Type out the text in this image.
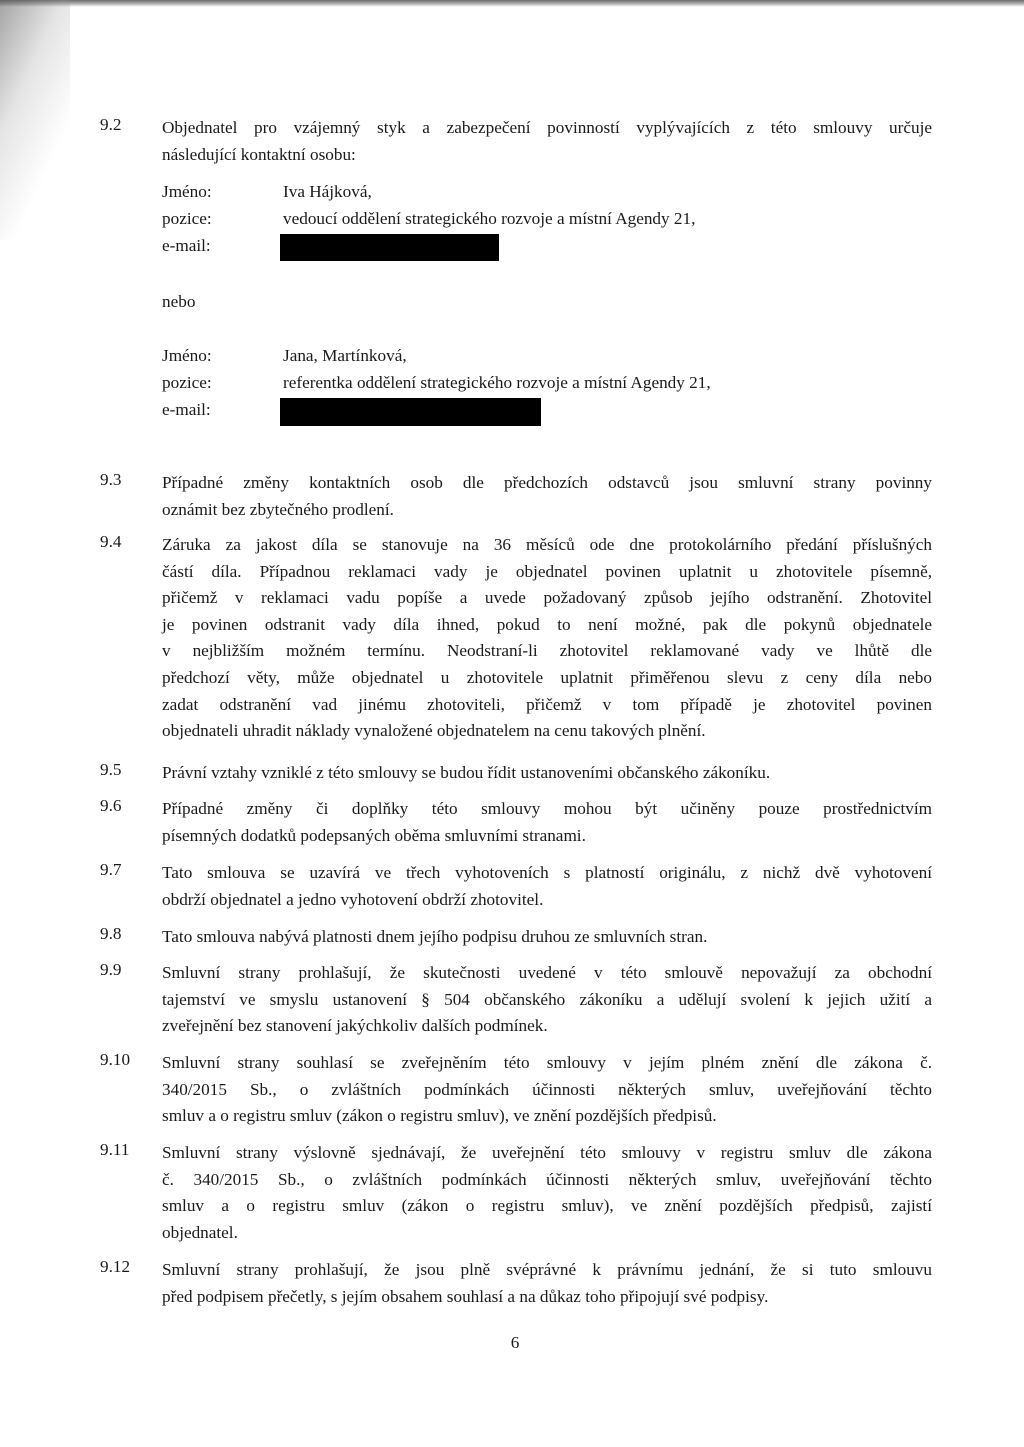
9.2	Objednatel pro vzájemný styk a zabezpečení povinností vyplývajících z této smlouvy určuje
následující kontaktní osobu:
Jméno:	Iva Hájková,
pozice:	vedoucí oddělení strategického rozvoje a místní Agendy 21,
e-mail:
nebo
Jméno:	Jana, Martínková,
pozice:	referentka oddělení strategického rozvoje a místní Agendy 21,
e-mail:
9.3	Případné změny kontaktních osob dle předchozích odstavců jsou smluvní strany povinny
oznámit bez zbytečného prodlení.
9.4	Záruka za jakost díla se stanovuje na 36 měsíců ode dne protokolárního předání příslušných
částí díla. Případnou reklamaci vady je objednatel povinen uplatnit u zhotovitele písemně,
přičemž v reklamaci vadu popíše a uvede požadovaný způsob jejího odstranění. Zhotovitel
je povinen odstranit vady díla ihned, pokud to není možné, pak dle pokynů objednatele
v nejbližším možném termínu. Neodstraní-li zhotovitel reklamované vady ve lhůtě dle
předchozí věty, může objednatel u zhotovitele uplatnit přiměřenou slevu z ceny díla nebo
zadat odstranění vad jinému zhotoviteli, přičemž v tom případě je zhotovitel povinen
objednateli uhradit náklady vynaložené objednatelem na cenu takových plnění.
9.5	Právní vztahy vzniklé z této smlouvy se budou řídit ustanoveními občanského zákoníku.
9.6	Případné změny či doplňky této smlouvy mohou být učiněny pouze prostřednictvím
písemných dodatků podepsaných oběma smluvními stranami.
9.7	Tato smlouva se uzavírá ve třech vyhotoveních s platností originálu, z nichž dvě vyhotovení
obdrží objednatel a jedno vyhotovení obdrží zhotovitel.
9.8	Tato smlouva nabývá platnosti dnem jejího podpisu druhou ze smluvních stran.
9.9	Smluvní strany prohlašují, že skutečnosti uvedené v této smlouvě nepovažují za obchodní
tajemství ve smyslu ustanovení § 504 občanského zákoníku a udělují svolení k jejich užití a
zveřejnění bez stanovení jakýchkoliv dalších podmínek.
9.10	Smluvní strany souhlasí se zveřejněním této smlouvy v jejím plném znění dle zákona č.
340/2015 Sb., o zvláštních podmínkách účinnosti některých smluv, uveřejňování těchto
smluv a o registru smluv (zákon o registru smluv), ve znění pozdějších předpisů.
9.11	Smluvní strany výslovně sjednávají, že uveřejnění této smlouvy v registru smluv dle zákona
č. 340/2015 Sb., o zvláštních podmínkách účinnosti některých smluv, uveřejňování těchto
smluv a o registru smluv (zákon o registru smluv), ve znění pozdějších předpisů, zajistí
objednatel.
9.12	Smluvní strany prohlašují, že jsou plně svéprávné k právnímu jednání, že si tuto smlouvu
před podpisem přečetly, s jejím obsahem souhlasí a na důkaz toho připojují své podpisy.
6
